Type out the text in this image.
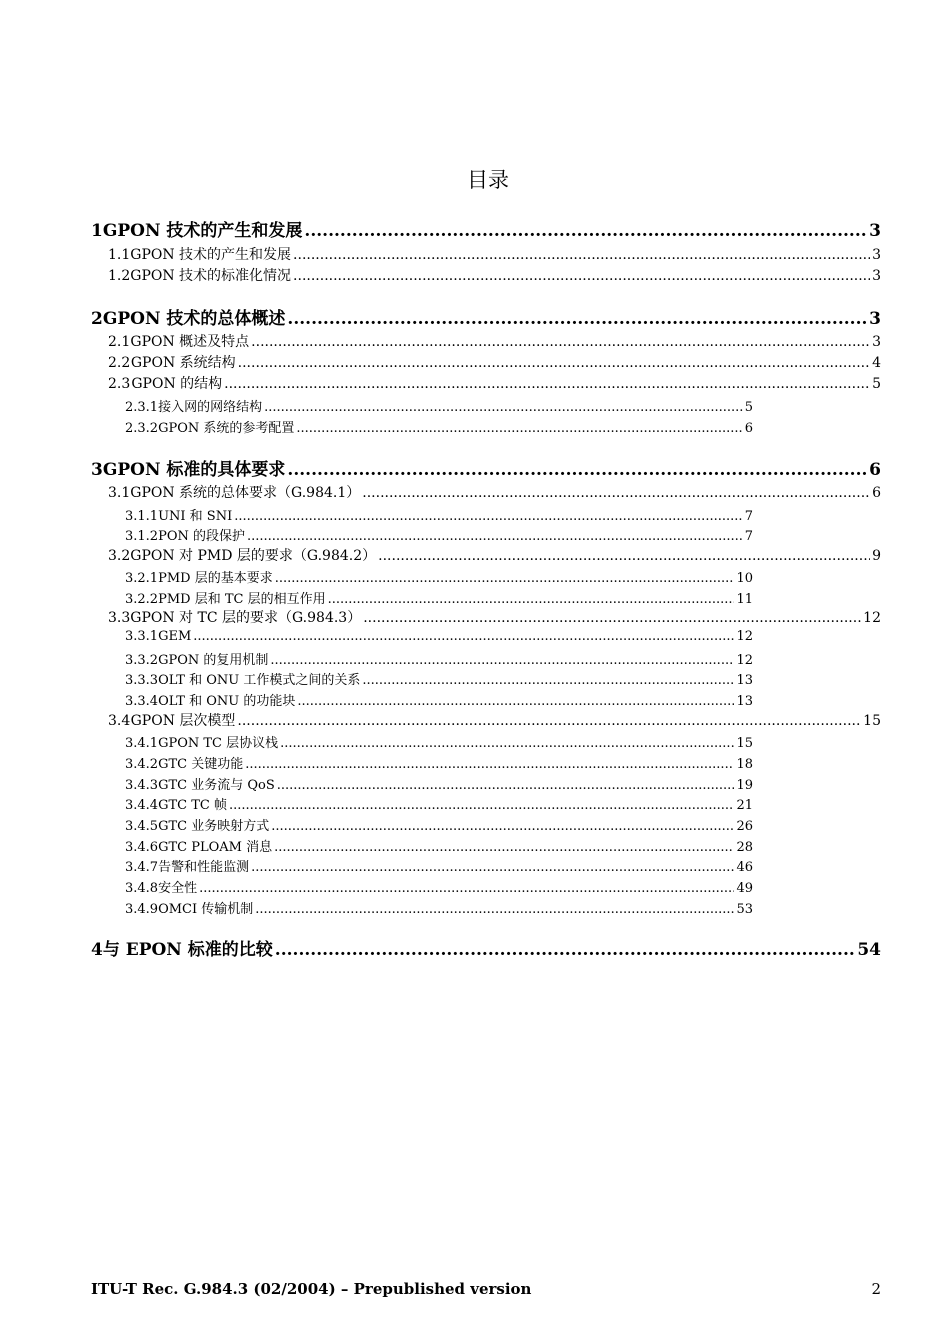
目录
1 GPON 技术的产生和发展 .....	3
1.1 GPON 技术的产生和发展 .....	3
1.2 GPON 技术的标准化情况 .....	3
2 GPON 技术的总体概述 .....	3
2.1 GPON 概述及特点 .....	3
2.2 GPON 系统结构 .....	4
2.3 GPON 的结构 .....	5
2.3.1 接入网的网络结构 .....	5
2.3.2 GPON 系统的参考配置 .....	6
3 GPON 标准的具体要求 .....	6
3.1 GPON 系统的总体要求（G.984.1） .....	6
3.1.1 UNI 和 SNI .....	7
3.1.2 PON 的段保护 .....	7
3.2 GPON 对 PMD 层的要求（G.984.2） .....	9
3.2.1 PMD 层的基本要求 .....	10
3.2.2 PMD 层和 TC 层的相互作用 .....	11
3.3 GPON 对 TC 层的要求（G.984.3） .....	12
3.3.1 GEM .....	12
3.3.2 GPON 的复用机制 .....	12
3.3.3 OLT 和 ONU 工作模式之间的关系 .....	13
3.3.4 OLT 和 ONU 的功能块 .....	13
3.4 GPON 层次模型 .....	15
3.4.1 GPON TC 层协议栈 .....	15
3.4.2 GTC 关键功能 .....	18
3.4.3 GTC 业务流与 QoS .....	19
3.4.4 GTC TC 帧 .....	21
3.4.5 GTC 业务映射方式 .....	26
3.4.6 GTC PLOAM 消息 .....	28
3.4.7 告警和性能监测 .....	46
3.4.8 安全性 .....	49
3.4.9 OMCI 传输机制 .....	53
4 与 EPON 标准的比较 .....	54
ITU-T Rec. G.984.3 (02/2004) – Prepublished version	2
